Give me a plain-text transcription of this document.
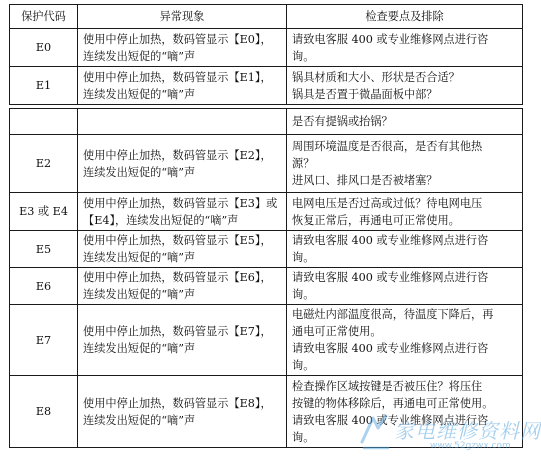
保护代码	异常现象	检查要点及排除
E0	使用中停止加热，数码管显示【E0】，
连续发出短促的“嘀”声	请致电客服 400 或专业维修网点进行咨
询。

E1	使用中停止加热，数码管显示【E1】，
连续发出短促的“嘀”声	锅具材质和大小、形状是否合适？
锅具是否置于微晶面板中部？

		是否有提锅或抬锅？

E2	使用中停止加热，数码管显示【E2】，
连续发出短促的“嘀”声	周围环境温度是否很高，是否有其他热
源？
进风口、排风口是否被堵塞？

E3 或 E4	使用中停止加热，数码管显示【E3】或
【E4】，连续发出短促的“嘀”声	电网电压是否过高或过低？待电网电压
恢复正常后，再通电可正常使用。

E5	使用中停止加热，数码管显示【E5】，
连续发出短促的“嘀”声	请致电客服 400 或专业维修网点进行咨
询。

E6	使用中停止加热，数码管显示【E6】，
连续发出短促的“嘀”声	请致电客服 400 或专业维修网点进行咨
询。

E7	使用中停止加热，数码管显示【E7】，
连续发出短促的“嘀”声	电磁灶内部温度很高，待温度下降后，再
通电可正常使用。
请致电客服 400 或专业维修网点进行咨
询。

E8	使用中停止加热，数码管显示【E8】，
连续发出短促的“嘀”声	检查操作区域按键是否被压住？将压住
按键的物体移除后，再通电可正常使用。
请致电客服 400 或专业维修网点进行咨
询。	家电维修资料网
www.52gzwx.com
